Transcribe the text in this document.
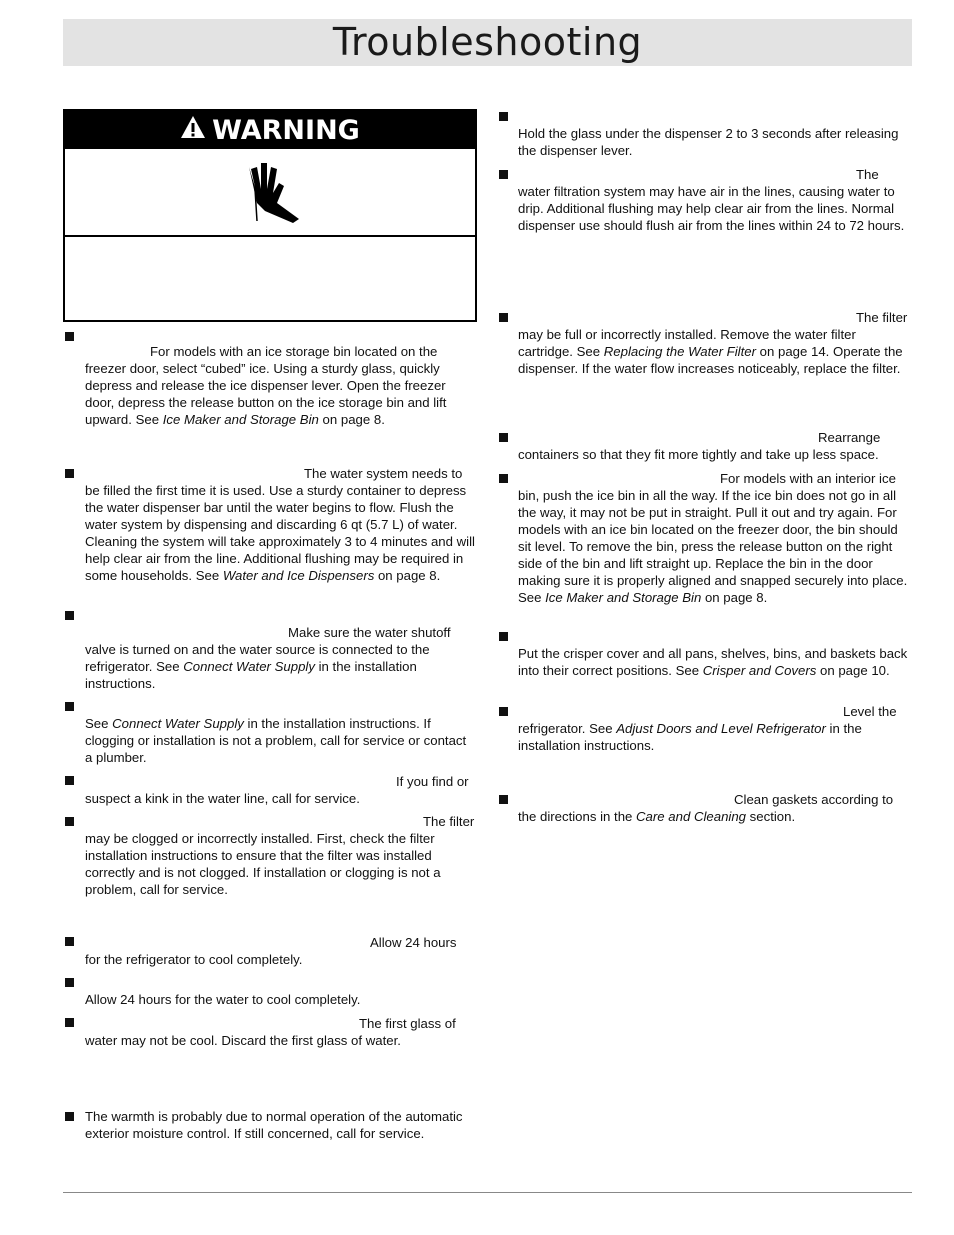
Troubleshooting
WARNING
For models with an ice storage bin located on the freezer door, select “cubed” ice. Using a sturdy glass, quickly depress and release the ice dispenser lever. Open the freezer door, depress the release button on the ice storage bin and lift upward. See Ice Maker and Storage Bin on page 8.
The water system needs to be filled the first time it is used. Use a sturdy container to depress the water dispenser bar until the water begins to flow. Flush the water system by dispensing and discarding 6 qt (5.7 L) of water. Cleaning the system will take approximately 3 to 4 minutes and will help clear air from the line. Additional flushing may be required in some households. See Water and Ice Dispensers on page 8.
Make sure the water shutoff valve is turned on and the water source is connected to the refrigerator. See Connect Water Supply in the installation instructions.
See Connect Water Supply in the installation instructions. If clogging or installation is not a problem, call for service or contact a plumber.
If you find or suspect a kink in the water line, call for service.
The filter may be clogged or incorrectly installed. First, check the filter installation instructions to ensure that the filter was installed correctly and is not clogged. If installation or clogging is not a problem, call for service.
Allow 24 hours for the refrigerator to cool completely.
Allow 24 hours for the water to cool completely.
The first glass of water may not be cool. Discard the first glass of water.
The warmth is probably due to normal operation of the automatic exterior moisture control. If still concerned, call for service.
Hold the glass under the dispenser 2 to 3 seconds after releasing the dispenser lever.
The water filtration system may have air in the lines, causing water to drip. Additional flushing may help clear air from the lines. Normal dispenser use should flush air from the lines within 24 to 72 hours.
The filter may be full or incorrectly installed. Remove the water filter cartridge. See Replacing the Water Filter on page 14. Operate the dispenser. If the water flow increases noticeably, replace the filter.
Rearrange containers so that they fit more tightly and take up less space.
For models with an interior ice bin, push the ice bin in all the way. If the ice bin does not go in all the way, it may not be put in straight. Pull it out and try again. For models with an ice bin located on the freezer door, the bin should sit level. To remove the bin, press the release button on the right side of the bin and lift straight up. Replace the bin in the door making sure it is properly aligned and snapped securely into place. See Ice Maker and Storage Bin on page 8.
Put the crisper cover and all pans, shelves, bins, and baskets back into their correct positions. See Crisper and Covers on page 10.
Level the refrigerator. See Adjust Doors and Level Refrigerator in the installation instructions.
Clean gaskets according to the directions in the Care and Cleaning section.
